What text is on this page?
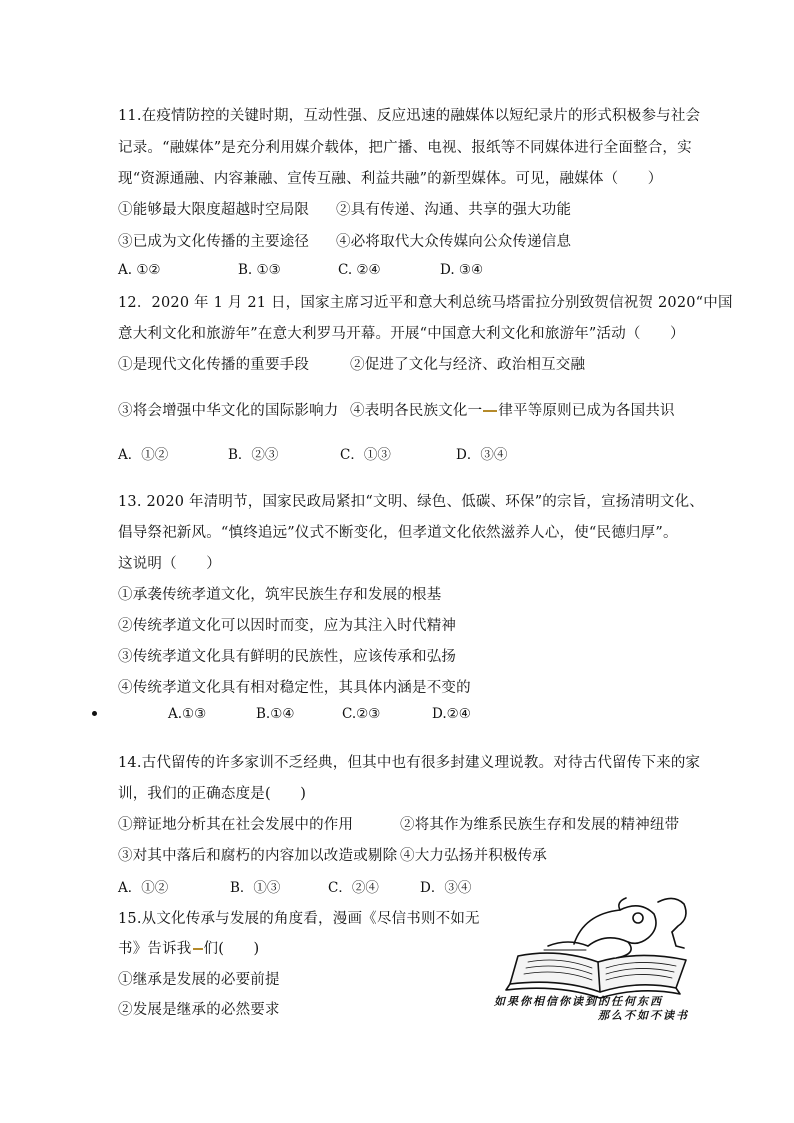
11.在疫情防控的关键时期，互动性强、反应迅速的融媒体以短纪录片的形式积极参与社会
记录。“融媒体”是充分利用媒介载体，把广播、电视、报纸等不同媒体进行全面整合，实
现“资源通融、内容兼融、宣传互融、利益共融”的新型媒体。可见，融媒体（　　）
①能够最大限度超越时空局限 ②具有传递、沟通、共享的强大功能
③已成为文化传播的主要途径 ④必将取代大众传媒向公众传递信息
A. ①②	B. ①③	C. ②④	D. ③④
12．2020 年 1 月 21 日，国家主席习近平和意大利总统马塔雷拉分别致贺信祝贺 2020“中国
意大利文化和旅游年”在意大利罗马开幕。开展“中国意大利文化和旅游年”活动（　　）
①是现代文化传播的重要手段	②促进了文化与经济、政治相互交融
③将会增强中华文化的国际影响力 ④表明各民族文化一 律平等原则已成为各国共识
A．①②	B．②③	C．①③	D．③④
13. 2020 年清明节，国家民政局紧扣“文明、绿色、低碳、环保”的宗旨，宣扬清明文化、
倡导祭祀新风。“慎终追远”仪式不断变化，但孝道文化依然滋养人心，使“民德归厚”。
这说明（　　）
①承袭传统孝道文化，筑牢民族生存和发展的根基
②传统孝道文化可以因时而变，应为其注入时代精神
③传统孝道文化具有鲜明的民族性，应该传承和弘扬
④传统孝道文化具有相对稳定性，其具体内涵是不变的
A.①③	B.①④	C.②③	D.②④
14.古代留传的许多家训不乏经典，但其中也有很多封建义理说教。对待古代留传下来的家
训，我们的正确态度是(　　)
①辩证地分析其在社会发展中的作用	②将其作为维系民族生存和发展的精神纽带
③对其中落后和腐朽的内容加以改造或剔除 ④大力弘扬并积极传承
A．①②	B．①③	C．②④	D．③④
15.从文化传承与发展的角度看，漫画《尽信书则不如无
书》告诉我 们(　　)
①继承是发展的必要前提
②发展是继承的必然要求
如果你相信你读到的任何东西
那么不如不读书
